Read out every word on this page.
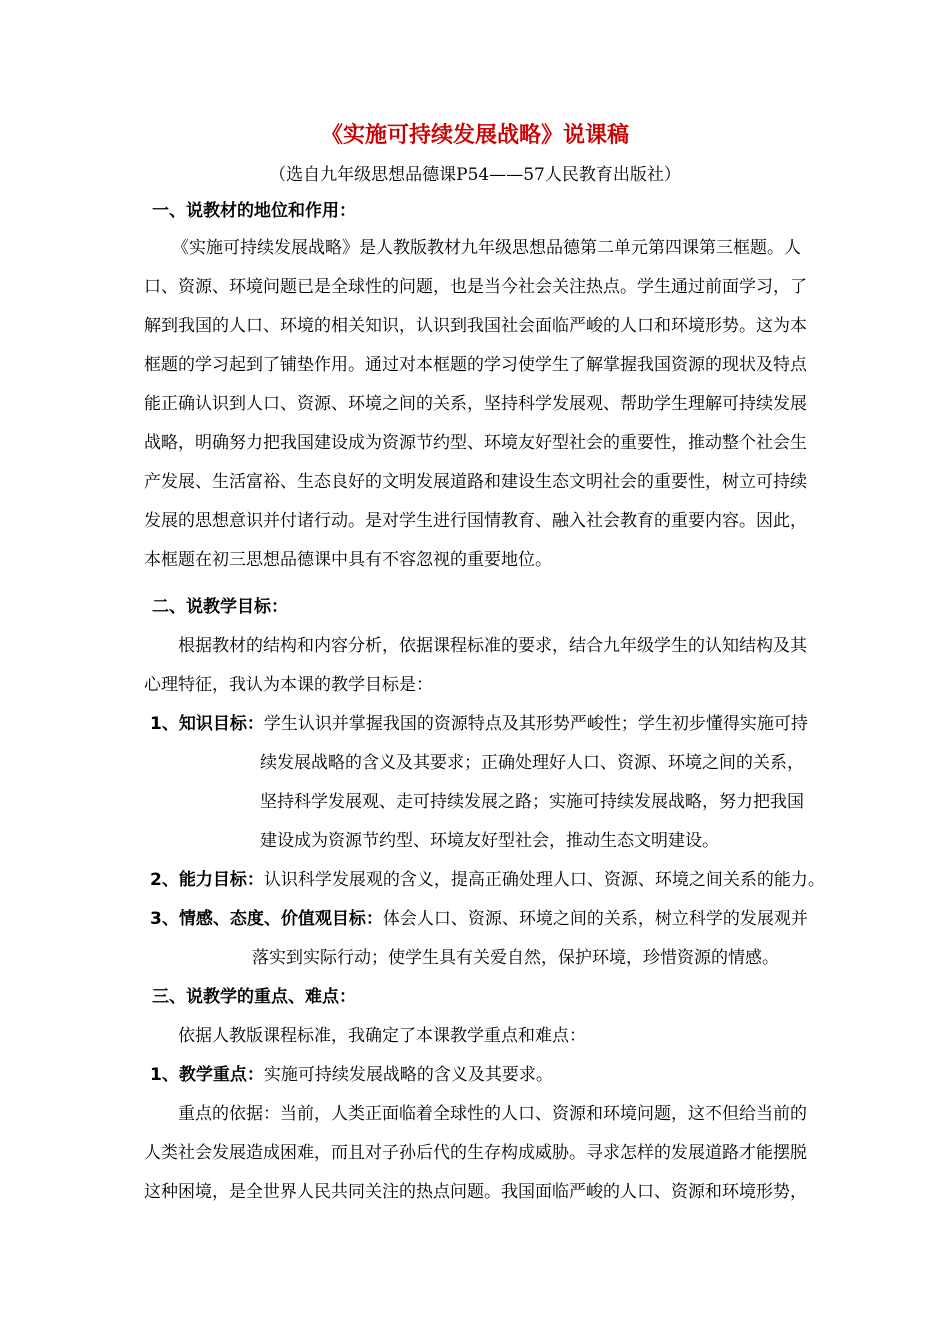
《实施可持续发展战略》说课稿
（选自九年级思想品德课P54——57人民教育出版社）
一、说教材的地位和作用：
《实施可持续发展战略》是人教版教材九年级思想品德第二单元第四课第三框题。人
口、资源、环境问题已是全球性的问题，也是当今社会关注热点。学生通过前面学习，了
解到我国的人口、环境的相关知识，认识到我国社会面临严峻的人口和环境形势。这为本
框题的学习起到了铺垫作用。通过对本框题的学习使学生了解掌握我国资源的现状及特点
能正确认识到人口、资源、环境之间的关系，坚持科学发展观、帮助学生理解可持续发展
战略，明确努力把我国建设成为资源节约型、环境友好型社会的重要性，推动整个社会生
产发展、生活富裕、生态良好的文明发展道路和建设生态文明社会的重要性，树立可持续
发展的思想意识并付诸行动。是对学生进行国情教育、融入社会教育的重要内容。因此，
本框题在初三思想品德课中具有不容忽视的重要地位。
二、说教学目标：
根据教材的结构和内容分析，依据课程标准的要求，结合九年级学生的认知结构及其
心理特征，我认为本课的教学目标是：
1、知识目标：学生认识并掌握我国的资源特点及其形势严峻性；学生初步懂得实施可持
续发展战略的含义及其要求；正确处理好人口、资源、环境之间的关系，
坚持科学发展观、走可持续发展之路；实施可持续发展战略，努力把我国
建设成为资源节约型、环境友好型社会，推动生态文明建设。
2、能力目标：认识科学发展观的含义，提高正确处理人口、资源、环境之间关系的能力。
3、情感、态度、价值观目标：体会人口、资源、环境之间的关系，树立科学的发展观并
落实到实际行动；使学生具有关爱自然，保护环境，珍惜资源的情感。
三、说教学的重点、难点：
依据人教版课程标准，我确定了本课教学重点和难点：
1、教学重点：实施可持续发展战略的含义及其要求。
重点的依据：当前，人类正面临着全球性的人口、资源和环境问题，这不但给当前的
人类社会发展造成困难，而且对子孙后代的生存构成威胁。寻求怎样的发展道路才能摆脱
这种困境，是全世界人民共同关注的热点问题。我国面临严峻的人口、资源和环境形势，
